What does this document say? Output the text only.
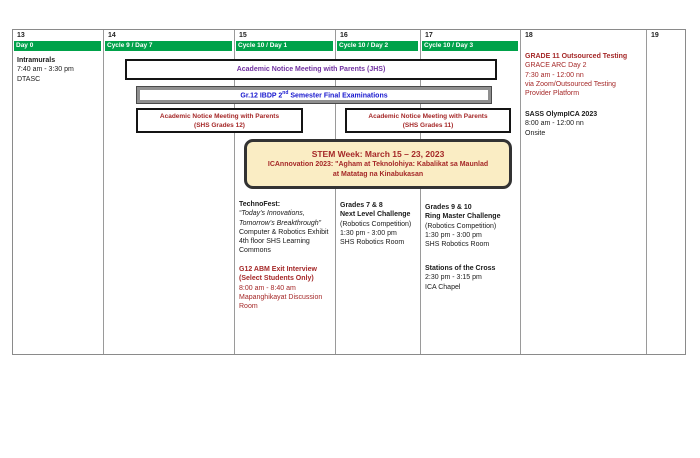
13
Day 0
14
Cycle 9 / Day 7
15
Cycle 10 / Day 1
16
Cycle 10 / Day 2
17
Cycle 10 / Day 3
18	19
Intramurals
7:40 am - 3:30 pm
DTASC
GRADE 11 Outsourced Testing
GRACE ARC Day 2
7:30 am - 12:00 nn
via Zoom/Outsourced Testing Provider Platform
SASS OlympICA 2023
8:00 am - 12:00 nn
Onsite
Academic Notice Meeting with Parents (JHS)
Gr.12 IBDP 2nd Semester Final Examinations
Academic Notice Meeting with Parents
(SHS Grades 12)
Academic Notice Meeting with Parents
(SHS Grades 11)
STEM Week: March 15 – 23, 2023
ICAnnovation 2023: "Agham at Teknolohiya: Kabalikat sa Maunlad
at Matatag na Kinabukasan
TechnoFest:
“Today's Innovations, Tomorrow's Breakthrough”
Computer & Robotics Exhibit
4th floor SHS Learning Commons
G12 ABM Exit Interview
(Select Students Only)
8:00 am - 8:40 am
Mapanghikayat Discussion Room
Grades 7 & 8
Next Level Challenge
(Robotics Competition)
1:30 pm - 3:00 pm
SHS Robotics Room
Grades 9 & 10
Ring Master Challenge
(Robotics Competition)
1:30 pm - 3:00 pm
SHS Robotics Room
Stations of the Cross
2:30 pm - 3:15 pm
ICA Chapel
